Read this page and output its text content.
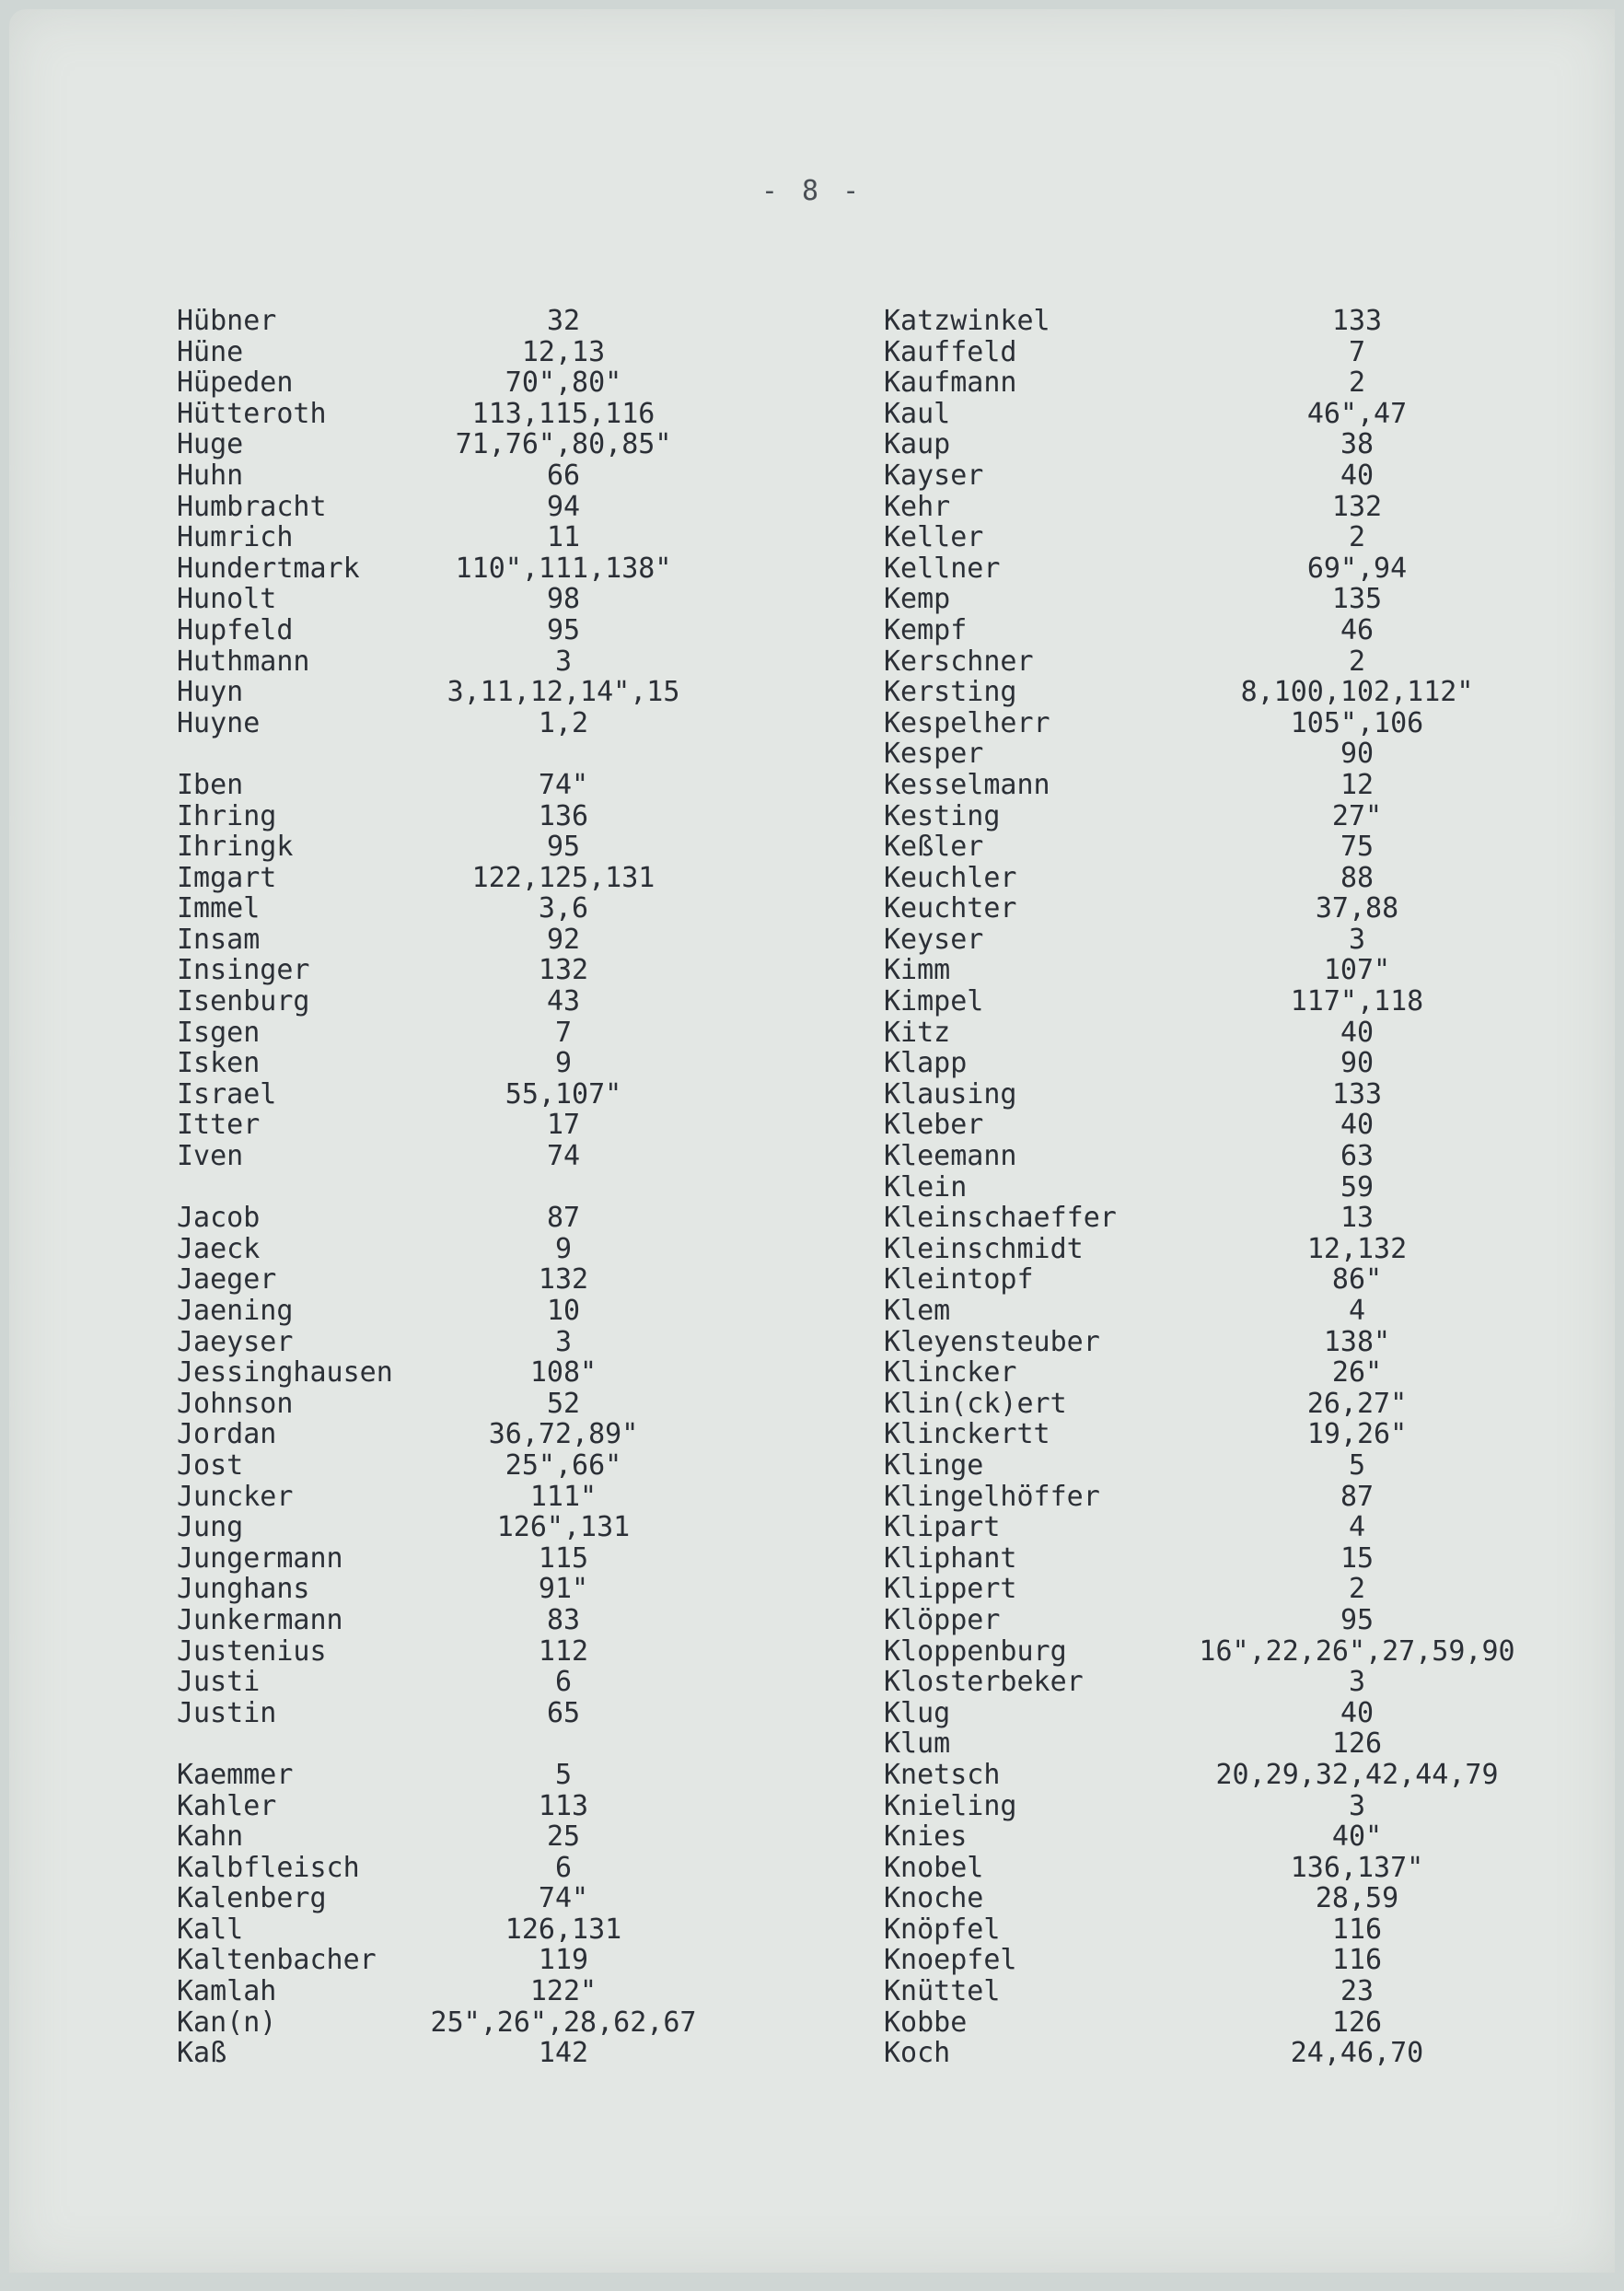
- 8 -
Hübner	32
Hüne	12,13
Hüpeden	70",80"
Hütteroth	113,115,116
Huge	71,76",80,85"
Huhn	66
Humbracht	94
Humrich	11
Hundertmark	110",111,138"
Hunolt	98
Hupfeld	95
Huthmann	3
Huyn	3,11,12,14",15
Huyne	1,2
Iben	74"
Ihring	136
Ihringk	95
Imgart	122,125,131
Immel	3,6
Insam	92
Insinger	132
Isenburg	43
Isgen	7
Isken	9
Israel	55,107"
Itter	17
Iven	74
Jacob	87
Jaeck	9
Jaeger	132
Jaening	10
Jaeyser	3
Jessinghausen	108"
Johnson	52
Jordan	36,72,89"
Jost	25",66"
Juncker	111"
Jung	126",131
Jungermann	115
Junghans	91"
Junkermann	83
Justenius	112
Justi	6
Justin	65
Kaemmer	5
Kahler	113
Kahn	25
Kalbfleisch	6
Kalenberg	74"
Kall	126,131
Kaltenbacher	119
Kamlah	122"
Kan(n)	25",26",28,62,67
Kaß	142
Katzwinkel	133
Kauffeld	7
Kaufmann	2
Kaul	46",47
Kaup	38
Kayser	40
Kehr	132
Keller	2
Kellner	69",94
Kemp	135
Kempf	46
Kerschner	2
Kersting	8,100,102,112"
Kespelherr	105",106
Kesper	90
Kesselmann	12
Kesting	27"
Keßler	75
Keuchler	88
Keuchter	37,88
Keyser	3
Kimm	107"
Kimpel	117",118
Kitz	40
Klapp	90
Klausing	133
Kleber	40
Kleemann	63
Klein	59
Kleinschaeffer	13
Kleinschmidt	12,132
Kleintopf	86"
Klem	4
Kleyensteuber	138"
Klincker	26"
Klin(ck)ert	26,27"
Klinckertt	19,26"
Klinge	5
Klingelhöffer	87
Klipart	4
Kliphant	15
Klippert	2
Klöpper	95
Kloppenburg	16",22,26",27,59,90
Klosterbeker	3
Klug	40
Klum	126
Knetsch	20,29,32,42,44,79
Knieling	3
Knies	40"
Knobel	136,137"
Knoche	28,59
Knöpfel	116
Knoepfel	116
Knüttel	23
Kobbe	126
Koch	24,46,70
